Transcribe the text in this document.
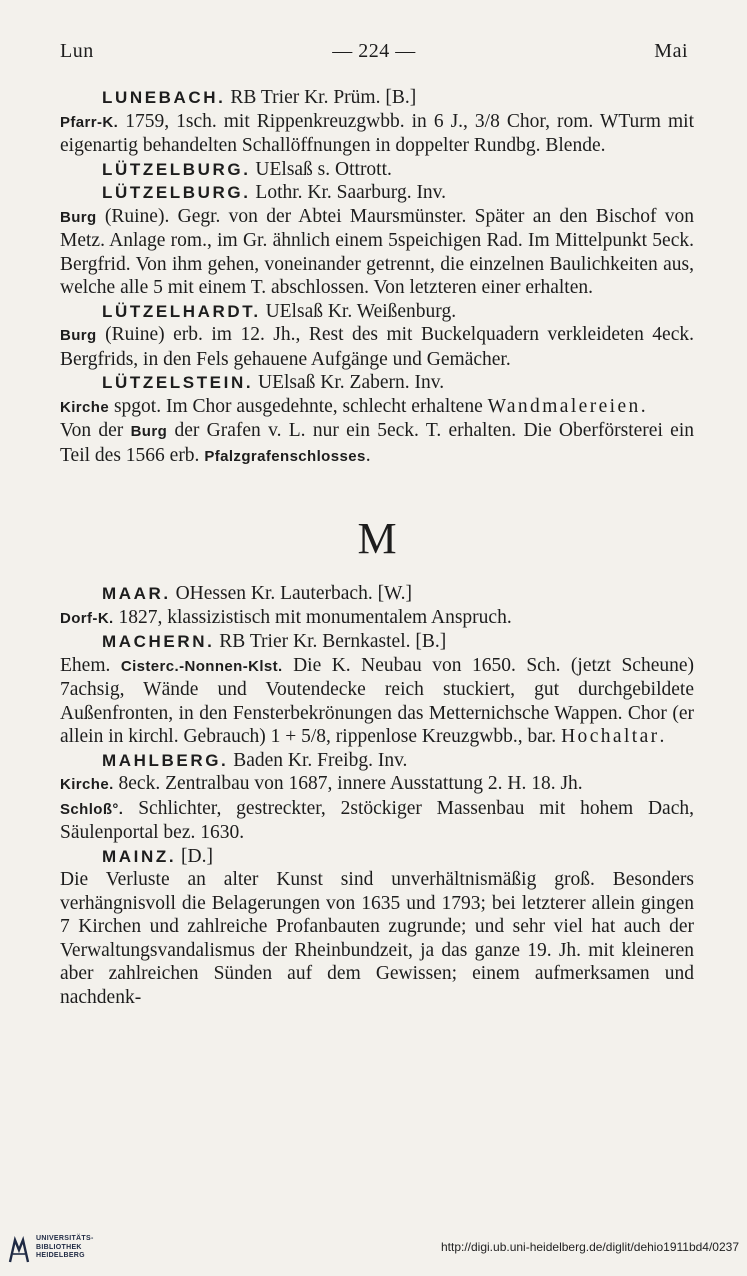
Lun	— 224 —	Mai

LUNEBACH. RB Trier Kr. Prüm. [B.]

Pfarr-K. 1759, 1sch. mit Rippenkreuzgwbb. in 6 J., 3/8 Chor, rom. WTurm mit eigenartig behandelten Schallöffnungen in doppelter Rundbg. Blende.

LÜTZELBURG. UElsaß s. Ottrott.

LÜTZELBURG. Lothr. Kr. Saarburg. Inv.

Burg (Ruine). Gegr. von der Abtei Maursmünster. Später an den Bischof von Metz. Anlage rom., im Gr. ähnlich einem 5speichigen Rad. Im Mittelpunkt 5eck. Bergfrid. Von ihm gehen, voneinander getrennt, die einzelnen Baulichkeiten aus, welche alle 5 mit einem T. abschlossen. Von letzteren einer erhalten.

LÜTZELHARDT. UElsaß Kr. Weißenburg.

Burg (Ruine) erb. im 12. Jh., Rest des mit Buckelquadern verkleideten 4eck. Bergfrids, in den Fels gehauene Aufgänge und Gemächer.

LÜTZELSTEIN. UElsaß Kr. Zabern. Inv.

Kirche spgot. Im Chor ausgedehnte, schlecht erhaltene Wandmalereien.

Von der Burg der Grafen v. L. nur ein 5eck. T. erhalten. Die Oberförsterei ein Teil des 1566 erb. Pfalzgrafenschlosses.

M

MAAR. OHessen Kr. Lauterbach. [W.]

Dorf-K. 1827, klassizistisch mit monumentalem Anspruch.

MACHERN. RB Trier Kr. Bernkastel. [B.]

Ehem. Cisterc.-Nonnen-Klst. Die K. Neubau von 1650. Sch. (jetzt Scheune) 7achsig, Wände und Voutendecke reich stuckiert, gut durchgebildete Außenfronten, in den Fensterbekrönungen das Metternichsche Wappen. Chor (er allein in kirchl. Gebrauch) 1 + 5/8, rippenlose Kreuzgwbb., bar. Hochaltar.

MAHLBERG. Baden Kr. Freibg. Inv.

Kirche. 8eck. Zentralbau von 1687, innere Ausstattung 2. H. 18. Jh.

Schloß°. Schlichter, gestreckter, 2stöckiger Massenbau mit hohem Dach, Säulenportal bez. 1630.

MAINZ. [D.]

Die Verluste an alter Kunst sind unverhältnismäßig groß. Besonders verhängnisvoll die Belagerungen von 1635 und 1793; bei letzterer allein gingen 7 Kirchen und zahlreiche Profanbauten zugrunde; und sehr viel hat auch der Verwaltungsvandalismus der Rheinbundzeit, ja das ganze 19. Jh. mit kleineren aber zahlreichen Sünden auf dem Gewissen; einem aufmerksamen und nachdenk-

UNIVERSITÄTS-
BIBLIOTHEK
HEIDELBERG
http://digi.ub.uni-heidelberg.de/diglit/dehio1911bd4/0237
